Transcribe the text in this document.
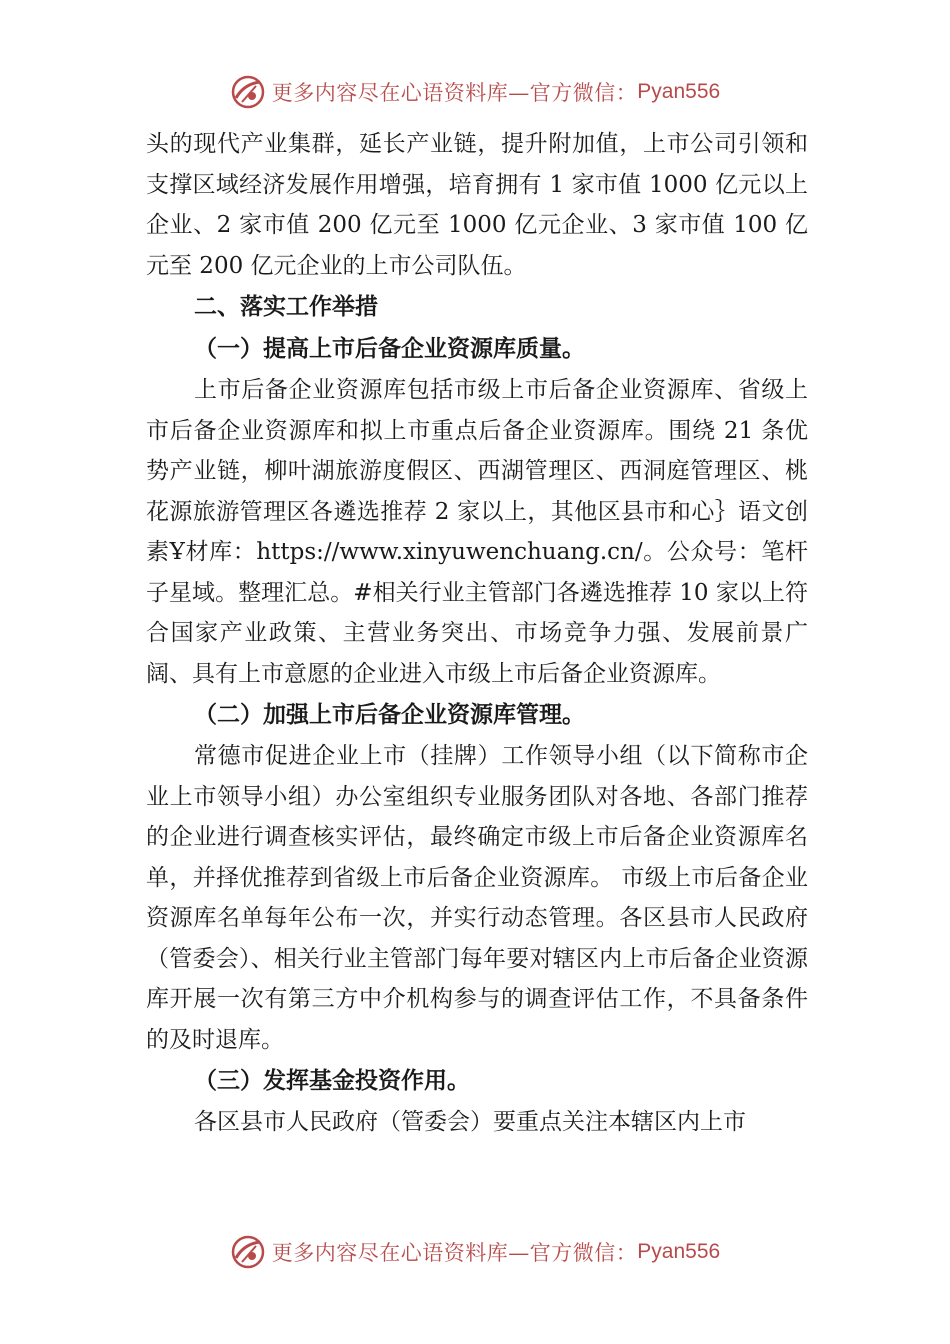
更多内容尽在心语资料库—官方微信： Pyan556

头的现代产业集群，延长产业链，提升附加值，上市公司引领和支撑区域经济发展作用增强，培育拥有 1 家市值 1000 亿元以上企业、2 家市值 200 亿元至 1000 亿元企业、3 家市值 100 亿元至 200 亿元企业的上市公司队伍。

二、落实工作举措
（一）提高上市后备企业资源库质量。

上市后备企业资源库包括市级上市后备企业资源库、省级上市后备企业资源库和拟上市重点后备企业资源库。围绕 21 条优势产业链，柳叶湖旅游度假区、西湖管理区、西洞庭管理区、桃花源旅游管理区各遴选推荐 2 家以上，其他区县市和心｝语文创素Ұ材库：https://www.xinyuwenchuang.cn/。公众号：笔杆子星域。整理汇总。#相关行业主管部门各遴选推荐 10 家以上符合国家产业政策、主营业务突出、市场竞争力强、发展前景广阔、具有上市意愿的企业进入市级上市后备企业资源库。

（二）加强上市后备企业资源库管理。

常德市促进企业上市（挂牌）工作领导小组（以下简称市企业上市领导小组）办公室组织专业服务团队对各地、各部门推荐的企业进行调查核实评估，最终确定市级上市后备企业资源库名单，并择优推荐到省级上市后备企业资源库。 市级上市后备企业资源库名单每年公布一次，并实行动态管理。各区县市人民政府（管委会）、相关行业主管部门每年要对辖区内上市后备企业资源库开展一次有第三方中介机构参与的调查评估工作，不具备条件的及时退库。

（三）发挥基金投资作用。

各区县市人民政府（管委会）要重点关注本辖区内上市

更多内容尽在心语资料库—官方微信： Pyan556
